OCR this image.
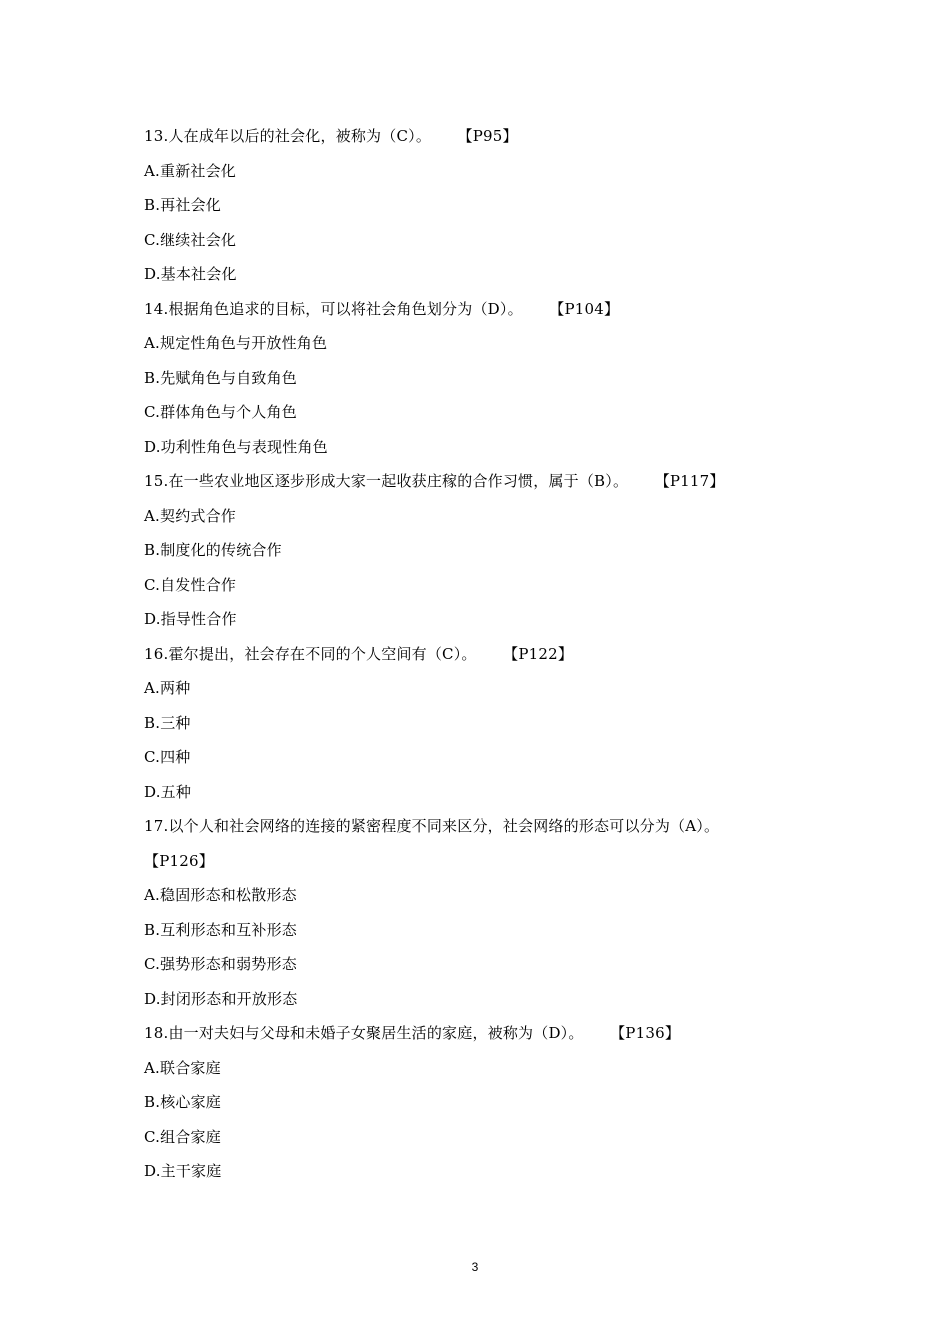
13.人在成年以后的社会化，被称为（C）。 【P95】
A.重新社会化
B.再社会化
C.继续社会化
D.基本社会化
14.根据角色追求的目标，可以将社会角色划分为（D）。 【P104】
A.规定性角色与开放性角色
B.先赋角色与自致角色
C.群体角色与个人角色
D.功利性角色与表现性角色
15.在一些农业地区逐步形成大家一起收获庄稼的合作习惯，属于（B）。 【P117】
A.契约式合作
B.制度化的传统合作
C.自发性合作
D.指导性合作
16.霍尔提出，社会存在不同的个人空间有（C）。 【P122】
A.两种
B.三种
C.四种
D.五种
17.以个人和社会网络的连接的紧密程度不同来区分，社会网络的形态可以分为（A）。
【P126】
A.稳固形态和松散形态
B.互利形态和互补形态
C.强势形态和弱势形态
D.封闭形态和开放形态
18.由一对夫妇与父母和未婚子女聚居生活的家庭，被称为（D）。 【P136】
A.联合家庭
B.核心家庭
C.组合家庭
D.主干家庭
3
